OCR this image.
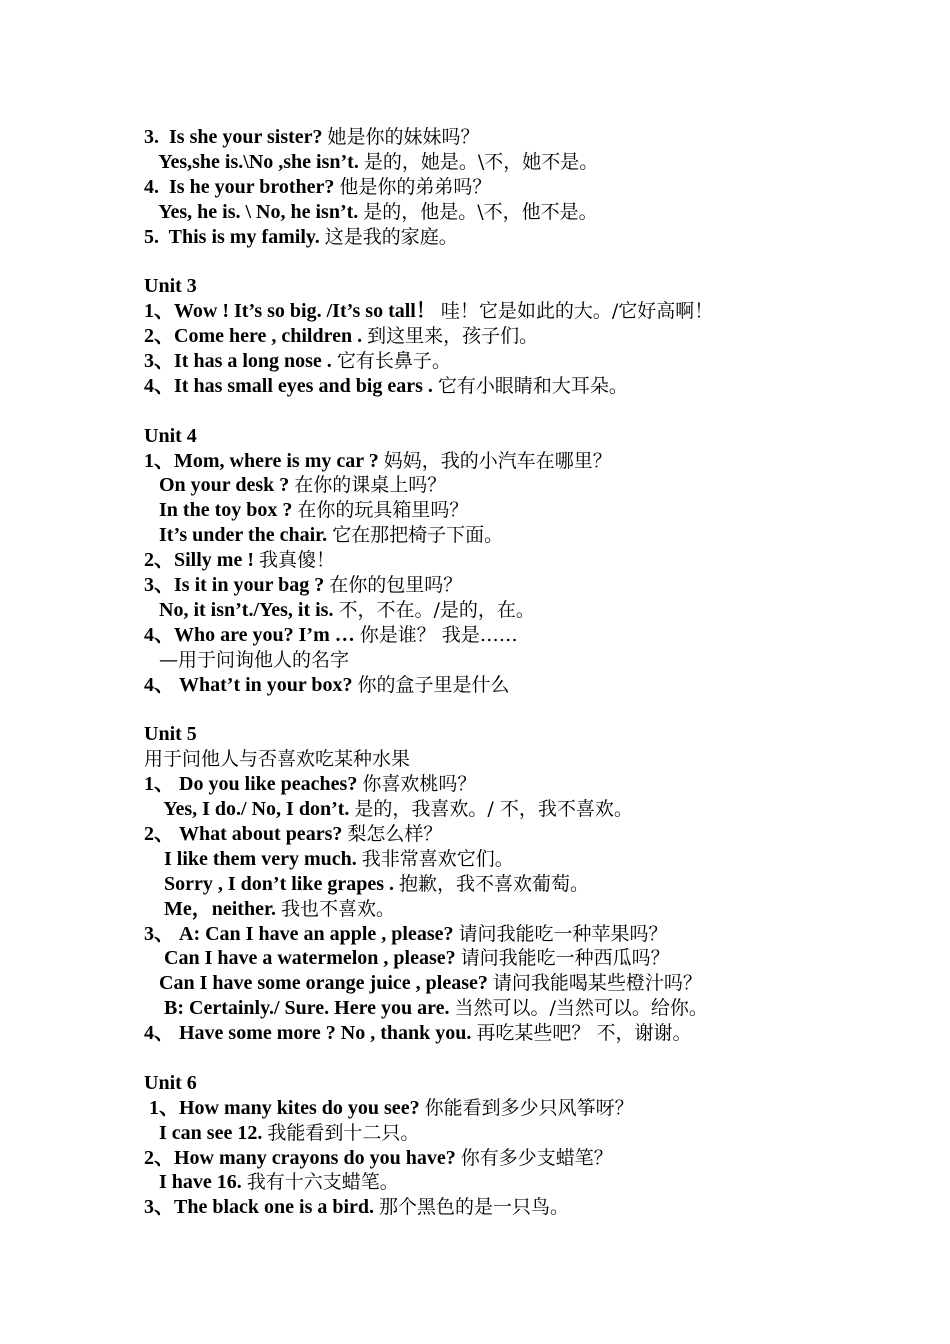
3.  Is she your sister? 她是你的妹妹吗？
Yes,she is.\No ,she isn’t. 是的，她是。\不，她不是。
4.  Is he your brother? 他是你的弟弟吗？
Yes, he is. \ No, he isn’t. 是的，他是。\不，他不是。
5.  This is my family. 这是我的家庭。
Unit 3
1、Wow ! It’s so big. /It’s so tall！ 哇！它是如此的大。/它好高啊！
2、Come here , children . 到这里来，孩子们。
3、It has a long nose . 它有长鼻子。
4、It has small eyes and big ears . 它有小眼睛和大耳朵。
Unit 4
1、Mom, where is my car ? 妈妈，我的小汽车在哪里？
On your desk ? 在你的课桌上吗？
In the toy box ? 在你的玩具箱里吗？
It’s under the chair. 它在那把椅子下面。
2、Silly me ! 我真傻！
3、Is it in your bag ? 在你的包里吗？
No, it isn’t./Yes, it is. 不，不在。/是的，在。
4、Who are you? I’m … 你是谁？ 我是……
—用于问询他人的名字
4、 What’t in your box? 你的盒子里是什么
Unit 5
用于问他人与否喜欢吃某种水果
1、 Do you like peaches? 你喜欢桃吗？
Yes, I do./ No, I don’t. 是的，我喜欢。/ 不，我不喜欢。
2、 What about pears? 梨怎么样？
I like them very much. 我非常喜欢它们。
Sorry , I don’t like grapes . 抱歉，我不喜欢葡萄。
Me，neither. 我也不喜欢。
3、 A: Can I have an apple , please? 请问我能吃一种苹果吗？
Can I have a watermelon , please? 请问我能吃一种西瓜吗？
Can I have some orange juice , please? 请问我能喝某些橙汁吗？
B: Certainly./ Sure. Here you are. 当然可以。/当然可以。给你。
4、 Have some more ? No , thank you. 再吃某些吧？ 不，谢谢。
Unit 6
1、How many kites do you see? 你能看到多少只风筝呀？
I can see 12. 我能看到十二只。
2、How many crayons do you have? 你有多少支蜡笔？
I have 16. 我有十六支蜡笔。
3、The black one is a bird. 那个黑色的是一只鸟。
